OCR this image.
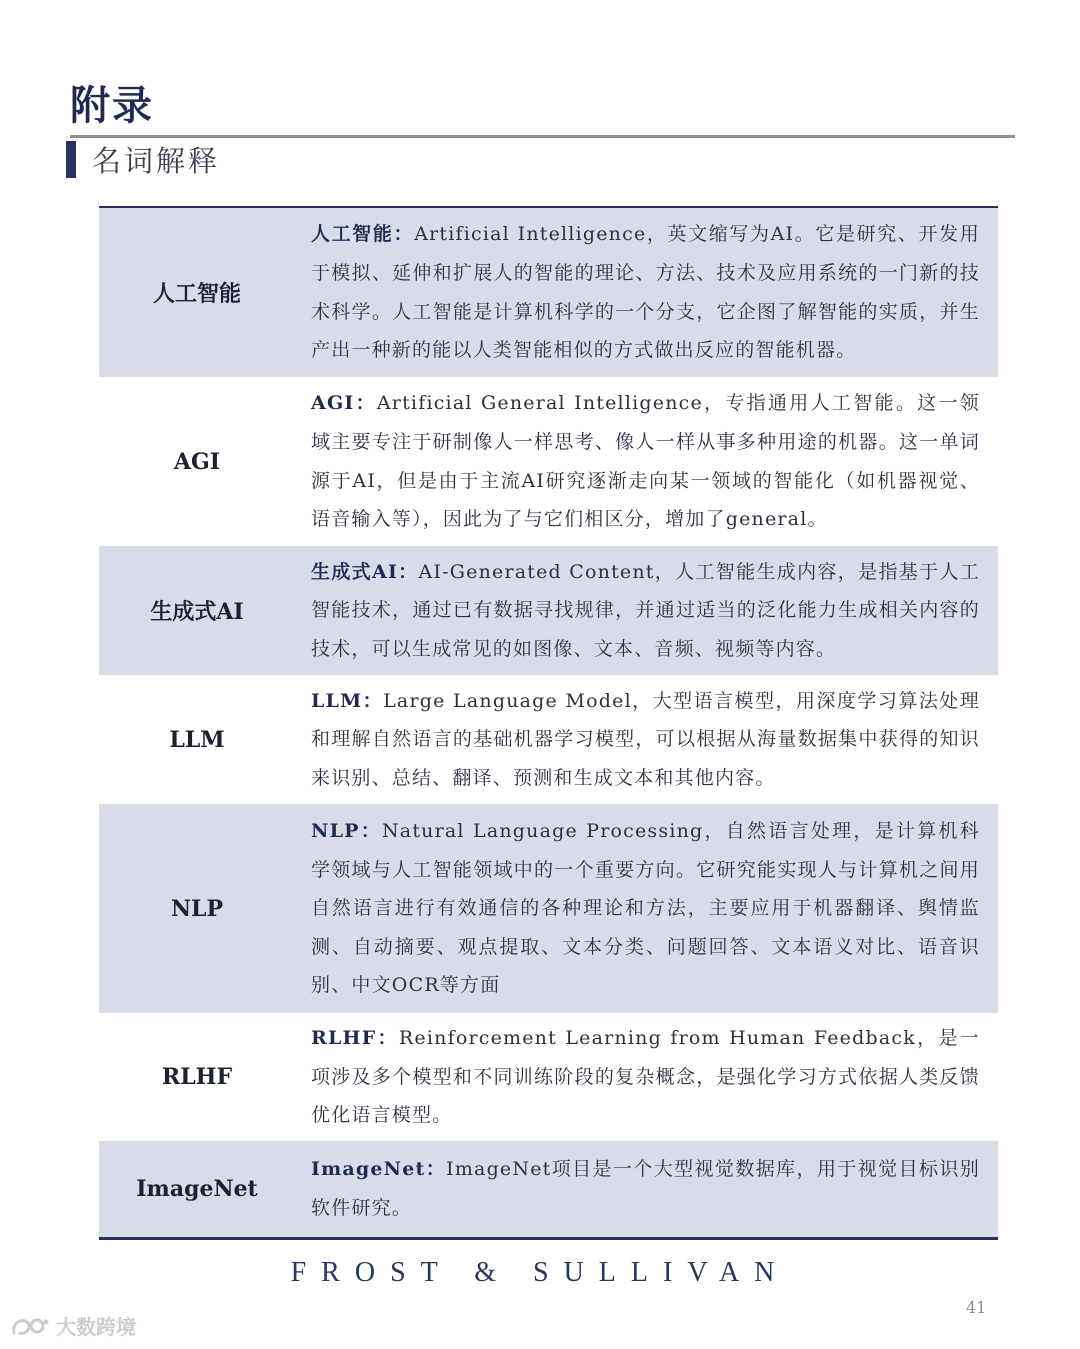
附录
名词解释
人工智能
人工智能：Artificial Intelligence，英文缩写为AI。它是研究、开发用于模拟、延伸和扩展人的智能的理论、方法、技术及应用系统的一门新的技术科学。人工智能是计算机科学的一个分支，它企图了解智能的实质，并生产出一种新的能以人类智能相似的方式做出反应的智能机器。
AGI
AGI：Artificial General Intelligence，专指通用人工智能。这一领域主要专注于研制像人一样思考、像人一样从事多种用途的机器。这一单词源于AI，但是由于主流AI研究逐渐走向某一领域的智能化（如机器视觉、语音输入等），因此为了与它们相区分，增加了general。
生成式AI
生成式AI：AI-Generated Content，人工智能生成内容，是指基于人工智能技术，通过已有数据寻找规律，并通过适当的泛化能力生成相关内容的技术，可以生成常见的如图像、文本、音频、视频等内容。
LLM
LLM：Large Language Model，大型语言模型，用深度学习算法处理和理解自然语言的基础机器学习模型，可以根据从海量数据集中获得的知识来识别、总结、翻译、预测和生成文本和其他内容。
NLP
NLP：Natural Language Processing，自然语言处理，是计算机科学领域与人工智能领域中的一个重要方向。它研究能实现人与计算机之间用自然语言进行有效通信的各种理论和方法，主要应用于机器翻译、舆情监测、自动摘要、观点提取、文本分类、问题回答、文本语义对比、语音识别、中文OCR等方面
RLHF
RLHF：Reinforcement Learning from Human Feedback，是一项涉及多个模型和不同训练阶段的复杂概念，是强化学习方式依据人类反馈优化语言模型。
ImageNet
ImageNet：ImageNet项目是一个大型视觉数据库，用于视觉目标识别软件研究。
FROST & SULLIVAN
41
大数跨境
